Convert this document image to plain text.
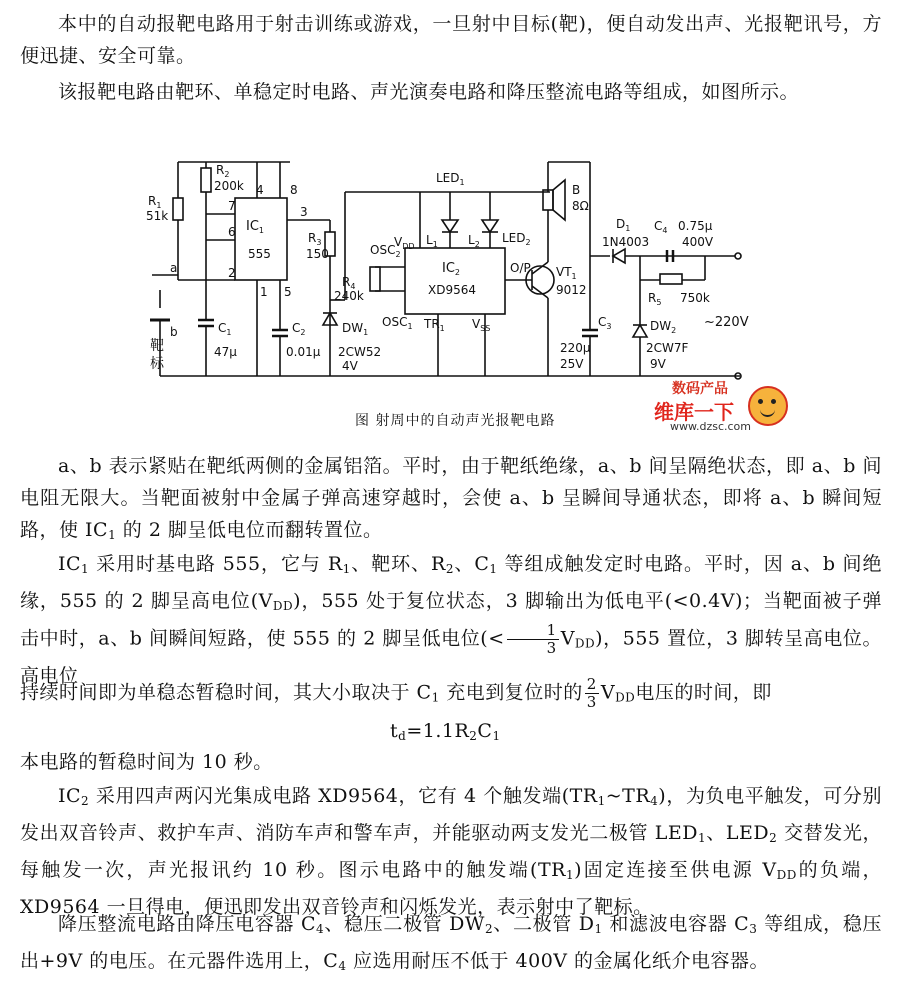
本中的自动报靶电路用于射击训练或游戏，一旦射中目标(靶)，便自动发出声、光报靶讯号，方便迅捷、安全可靠。

该报靶电路由靶环、单稳定时电路、声光演奏电路和降压整流电路等组成，如图所示。

$R_1$
51k
$R_2$
200k
$IC_1$
555
4 8
7
6
2
3
1 5
$R_3$
150
$R_4$
240k
$C_1$
47μ
$C_2$
0.01μ
$DW_1$
2CW52
4V
$LED_1$
$LED_2$
$L_1$	$L_2$
$OSC_2$
$V_{DD}$
$OSC_1$
$IC_2$
XD9564
$TR_1$ $V_{SS}$
O/P $VT_1$
9012
B
8Ω
$C_3$
220μ
25V
$D_1$
1N4003
$C_4$ 0.75μ
400V
$R_5$ 750k
$DW_2$
2CW7F
9V
~220V
a
b
靶
标
图 射周中的自动声光报靶电路
数码产品
维库一下
www.dzsc.com

a、b 表示紧贴在靶纸两侧的金属铝箔。平时，由于靶纸绝缘，a、b 间呈隔绝状态，即 a、b 间电阻无限大。当靶面被射中金属子弹高速穿越时，会使 a、b 呈瞬间导通状态，即将 a、b 瞬间短路，使 $IC_1$ 的 2 脚呈低电位而翻转置位。

$IC_1$ 采用时基电路 555，它与 $R_1$、靶环、$R_2$、$C_1$ 等组成触发定时电路。平时，因 a、b 间绝缘，555 的 2 脚呈高电位$(V_{DD})$，555 处于复位状态，3 脚输出为低电平(<0.4V)；当靶面被子弹击中时，a、b 间瞬间短路，使 555 的 2 脚呈低电位(< $\frac{1}{3} V_{DD}$)，555 置位，3 脚转呈高电位。高电位

持续时间即为单稳态暂稳时间，其大小取决于 $C_1$ 充电到复位时的 $\frac{2}{3} V_{DD}$电压的时间，即

$t_d=1.1R_2C_1$

本电路的暂稳时间为 10 秒。

$IC_2$ 采用四声两闪光集成电路 XD9564，它有 4 个触发端$(TR_1\sim TR_4)$，为负电平触发，可分别发出双音铃声、救护车声、消防车声和警车声，并能驱动两支发光二极管 $LED_1$、$LED_2$ 交替发光，每触发一次，声光报讯约 10 秒。图示电路中的触发端$(TR_1)$固定连接至供电源 $V_{DD}$的负端，XD9564 一旦得电，便迅即发出双音铃声和闪烁发光，表示射中了靶标。

降压整流电路由降压电容器 $C_4$、稳压二极管 $DW_2$、二极管 $D_1$ 和滤波电容器 $C_3$ 等组成，稳压出+9V 的电压。在元器件选用上，$C_4$ 应选用耐压不低于 400V 的金属化纸介电容器。
